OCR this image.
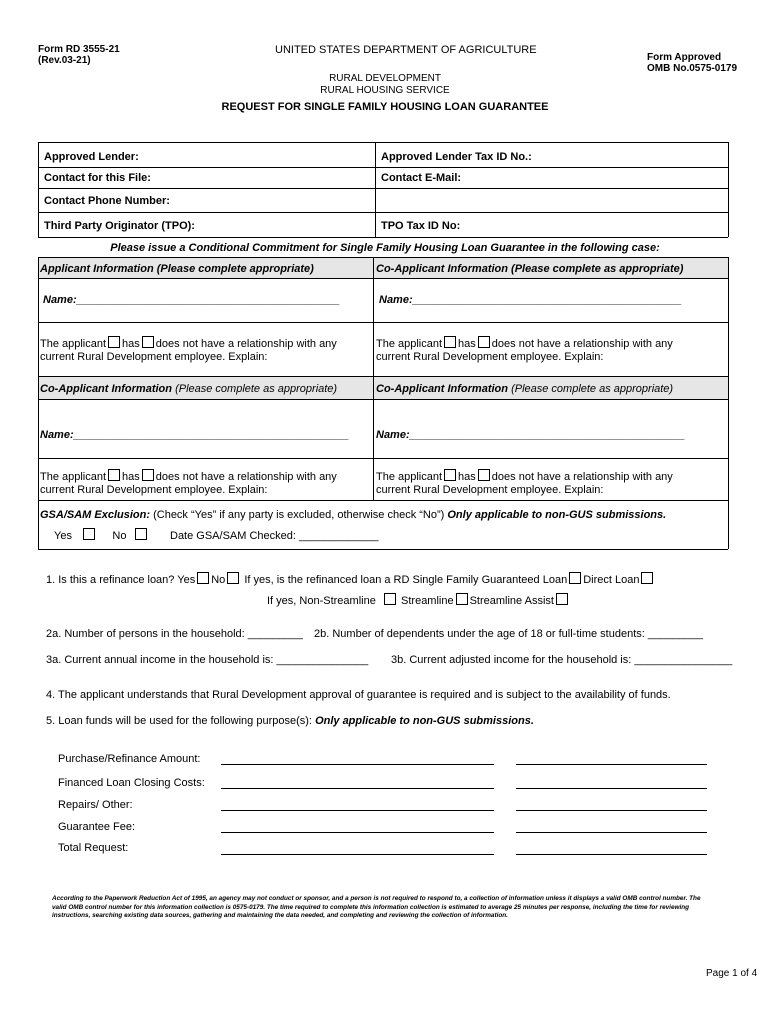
Form RD 3555-21
(Rev.03-21)
UNITED STATES DEPARTMENT OF AGRICULTURE
Form Approved
OMB No.0575-0179
RURAL DEVELOPMENT
RURAL HOUSING SERVICE
REQUEST FOR SINGLE FAMILY HOUSING LOAN GUARANTEE
Approved Lender:	Approved Lender Tax ID No.:
Contact for this File:	Contact E-Mail:
Contact Phone Number:
Third Party Originator (TPO):	TPO Tax ID No:
Please issue a Conditional Commitment for Single Family Housing Loan Guarantee in the following case:
Applicant Information (Please complete appropriate)	Co-Applicant Information (Please complete as appropriate)
Name:___________________________________________	Name:____________________________________________
The applicant has does not have a relationship with any
current Rural Development employee. Explain:
The applicant has does not have a relationship with any
current Rural Development employee. Explain:
Co-Applicant Information (Please complete as appropriate)	Co-Applicant Information (Please complete as appropriate)
Name:_____________________________________________ Name:_____________________________________________
The applicant has does not have a relationship with any
current Rural Development employee. Explain:
The applicant has does not have a relationship with any
current Rural Development employee. Explain:
GSA/SAM Exclusion: (Check “Yes” if any party is excluded, otherwise check “No”) Only applicable to non-GUS submissions.
Yes	No	Date GSA/SAM Checked: _____________
1. Is this a refinance loan? Yes No If yes, is the refinanced loan a RD Single Family Guaranteed Loan Direct Loan
If yes, Non-Streamline Streamline Streamline Assist
2a. Number of persons in the household: _________ 2b. Number of dependents under the age of 18 or full-time students: _________
3a. Current annual income in the household is: _______________ 3b. Current adjusted income for the household is: ________________
4. The applicant understands that Rural Development approval of guarantee is required and is subject to the availability of funds.
5. Loan funds will be used for the following purpose(s): Only applicable to non-GUS submissions.
Purchase/Refinance Amount:
Financed Loan Closing Costs:
Repairs/ Other:
Guarantee Fee:
Total Request:
According to the Paperwork Reduction Act of 1995, an agency may not conduct or sponsor, and a person is not required to respond to, a collection of information unless it displays a valid OMB control number. The valid OMB control number for this information collection is 0575-0179. The time required to complete this information collection is estimated to average 25 minutes per response, including the time for reviewing instructions, searching existing data sources, gathering and maintaining the data needed, and completing and reviewing the collection of information.
Page 1 of 4
